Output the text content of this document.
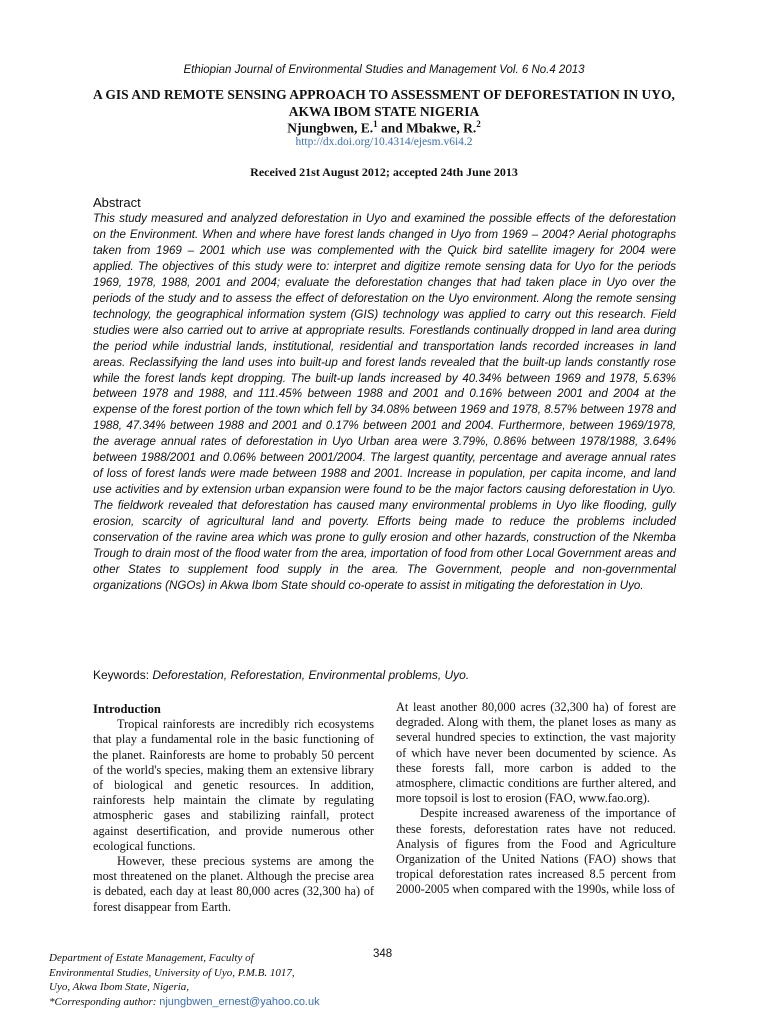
Ethiopian Journal of Environmental Studies and Management Vol. 6 No.4 2013
A GIS AND REMOTE SENSING APPROACH TO ASSESSMENT OF DEFORESTATION IN UYO,
AKWA IBOM STATE NIGERIA
Njungbwen, E.$^1$ and Mbakwe, R.$^2$
http://dx.doi.org/10.4314/ejesm.v6i4.2
Received 21st August 2012; accepted 24th June 2013
Abstract

This study measured and analyzed deforestation in Uyo and examined the possible effects of the deforestation on the Environment. When and where have forest lands changed in Uyo from 1969 – 2004? Aerial photographs taken from 1969 – 2001 which use was complemented with the Quick bird satellite imagery for 2004 were applied. The objectives of this study were to: interpret and digitize remote sensing data for Uyo for the periods 1969, 1978, 1988, 2001 and 2004; evaluate the deforestation changes that had taken place in Uyo over the periods of the study and to assess the effect of deforestation on the Uyo environment. Along the remote sensing technology, the geographical information system (GIS) technology was applied to carry out this research. Field studies were also carried out to arrive at appropriate results. Forestlands continually dropped in land area during the period while industrial lands, institutional, residential and transportation lands recorded increases in land areas. Reclassifying the land uses into built-up and forest lands revealed that the built-up lands constantly rose while the forest lands kept dropping. The built-up lands increased by 40.34% between 1969 and 1978, 5.63% between 1978 and 1988, and 111.45% between 1988 and 2001 and 0.16% between 2001 and 2004 at the expense of the forest portion of the town which fell by 34.08% between 1969 and 1978, 8.57% between 1978 and 1988, 47.34% between 1988 and 2001 and 0.17% between 2001 and 2004. Furthermore, between 1969/1978, the average annual rates of deforestation in Uyo Urban area were 3.79%, 0.86% between 1978/1988, 3.64% between 1988/2001 and 0.06% between 2001/2004. The largest quantity, percentage and average annual rates of loss of forest lands were made between 1988 and 2001. Increase in population, per capita income, and land use activities and by extension urban expansion were found to be the major factors causing deforestation in Uyo. The fieldwork revealed that deforestation has caused many environmental problems in Uyo like flooding, gully erosion, scarcity of agricultural land and poverty. Efforts being made to reduce the problems included conservation of the ravine area which was prone to gully erosion and other hazards, construction of the Nkemba Trough to drain most of the flood water from the area, importation of food from other Local Government areas and other States to supplement food supply in the area. The Government, people and non-governmental organizations (NGOs) in Akwa Ibom State should co-operate to assist in mitigating the deforestation in Uyo.

Keywords: Deforestation, Reforestation, Environmental problems, Uyo.

Introduction

Tropical rainforests are incredibly rich ecosystems that play a fundamental role in the basic functioning of the planet. Rainforests are home to probably 50 percent of the world's species, making them an extensive library of biological and genetic resources. In addition, rainforests help maintain the climate by regulating atmospheric gases and stabilizing rainfall, protect against desertification, and provide numerous other ecological functions.

However, these precious systems are among the most threatened on the planet. Although the precise area is debated, each day at least 80,000 acres (32,300 ha) of forest disappear from Earth.

At least another 80,000 acres (32,300 ha) of forest are degraded. Along with them, the planet loses as many as several hundred species to extinction, the vast majority of which have never been documented by science. As these forests fall, more carbon is added to the atmosphere, climactic conditions are further altered, and more topsoil is lost to erosion (FAO, www.fao.org).

Despite increased awareness of the importance of these forests, deforestation rates have not reduced. Analysis of figures from the Food and Agriculture Organization of the United Nations (FAO) shows that tropical deforestation rates increased 8.5 percent from 2000-2005 when compared with the 1990s, while loss of

348
Department of Estate Management, Faculty of
Environmental Studies, University of Uyo, P.M.B. 1017,
Uyo, Akwa Ibom State, Nigeria,
*Corresponding author: njungbwen_ernest@yahoo.co.uk
